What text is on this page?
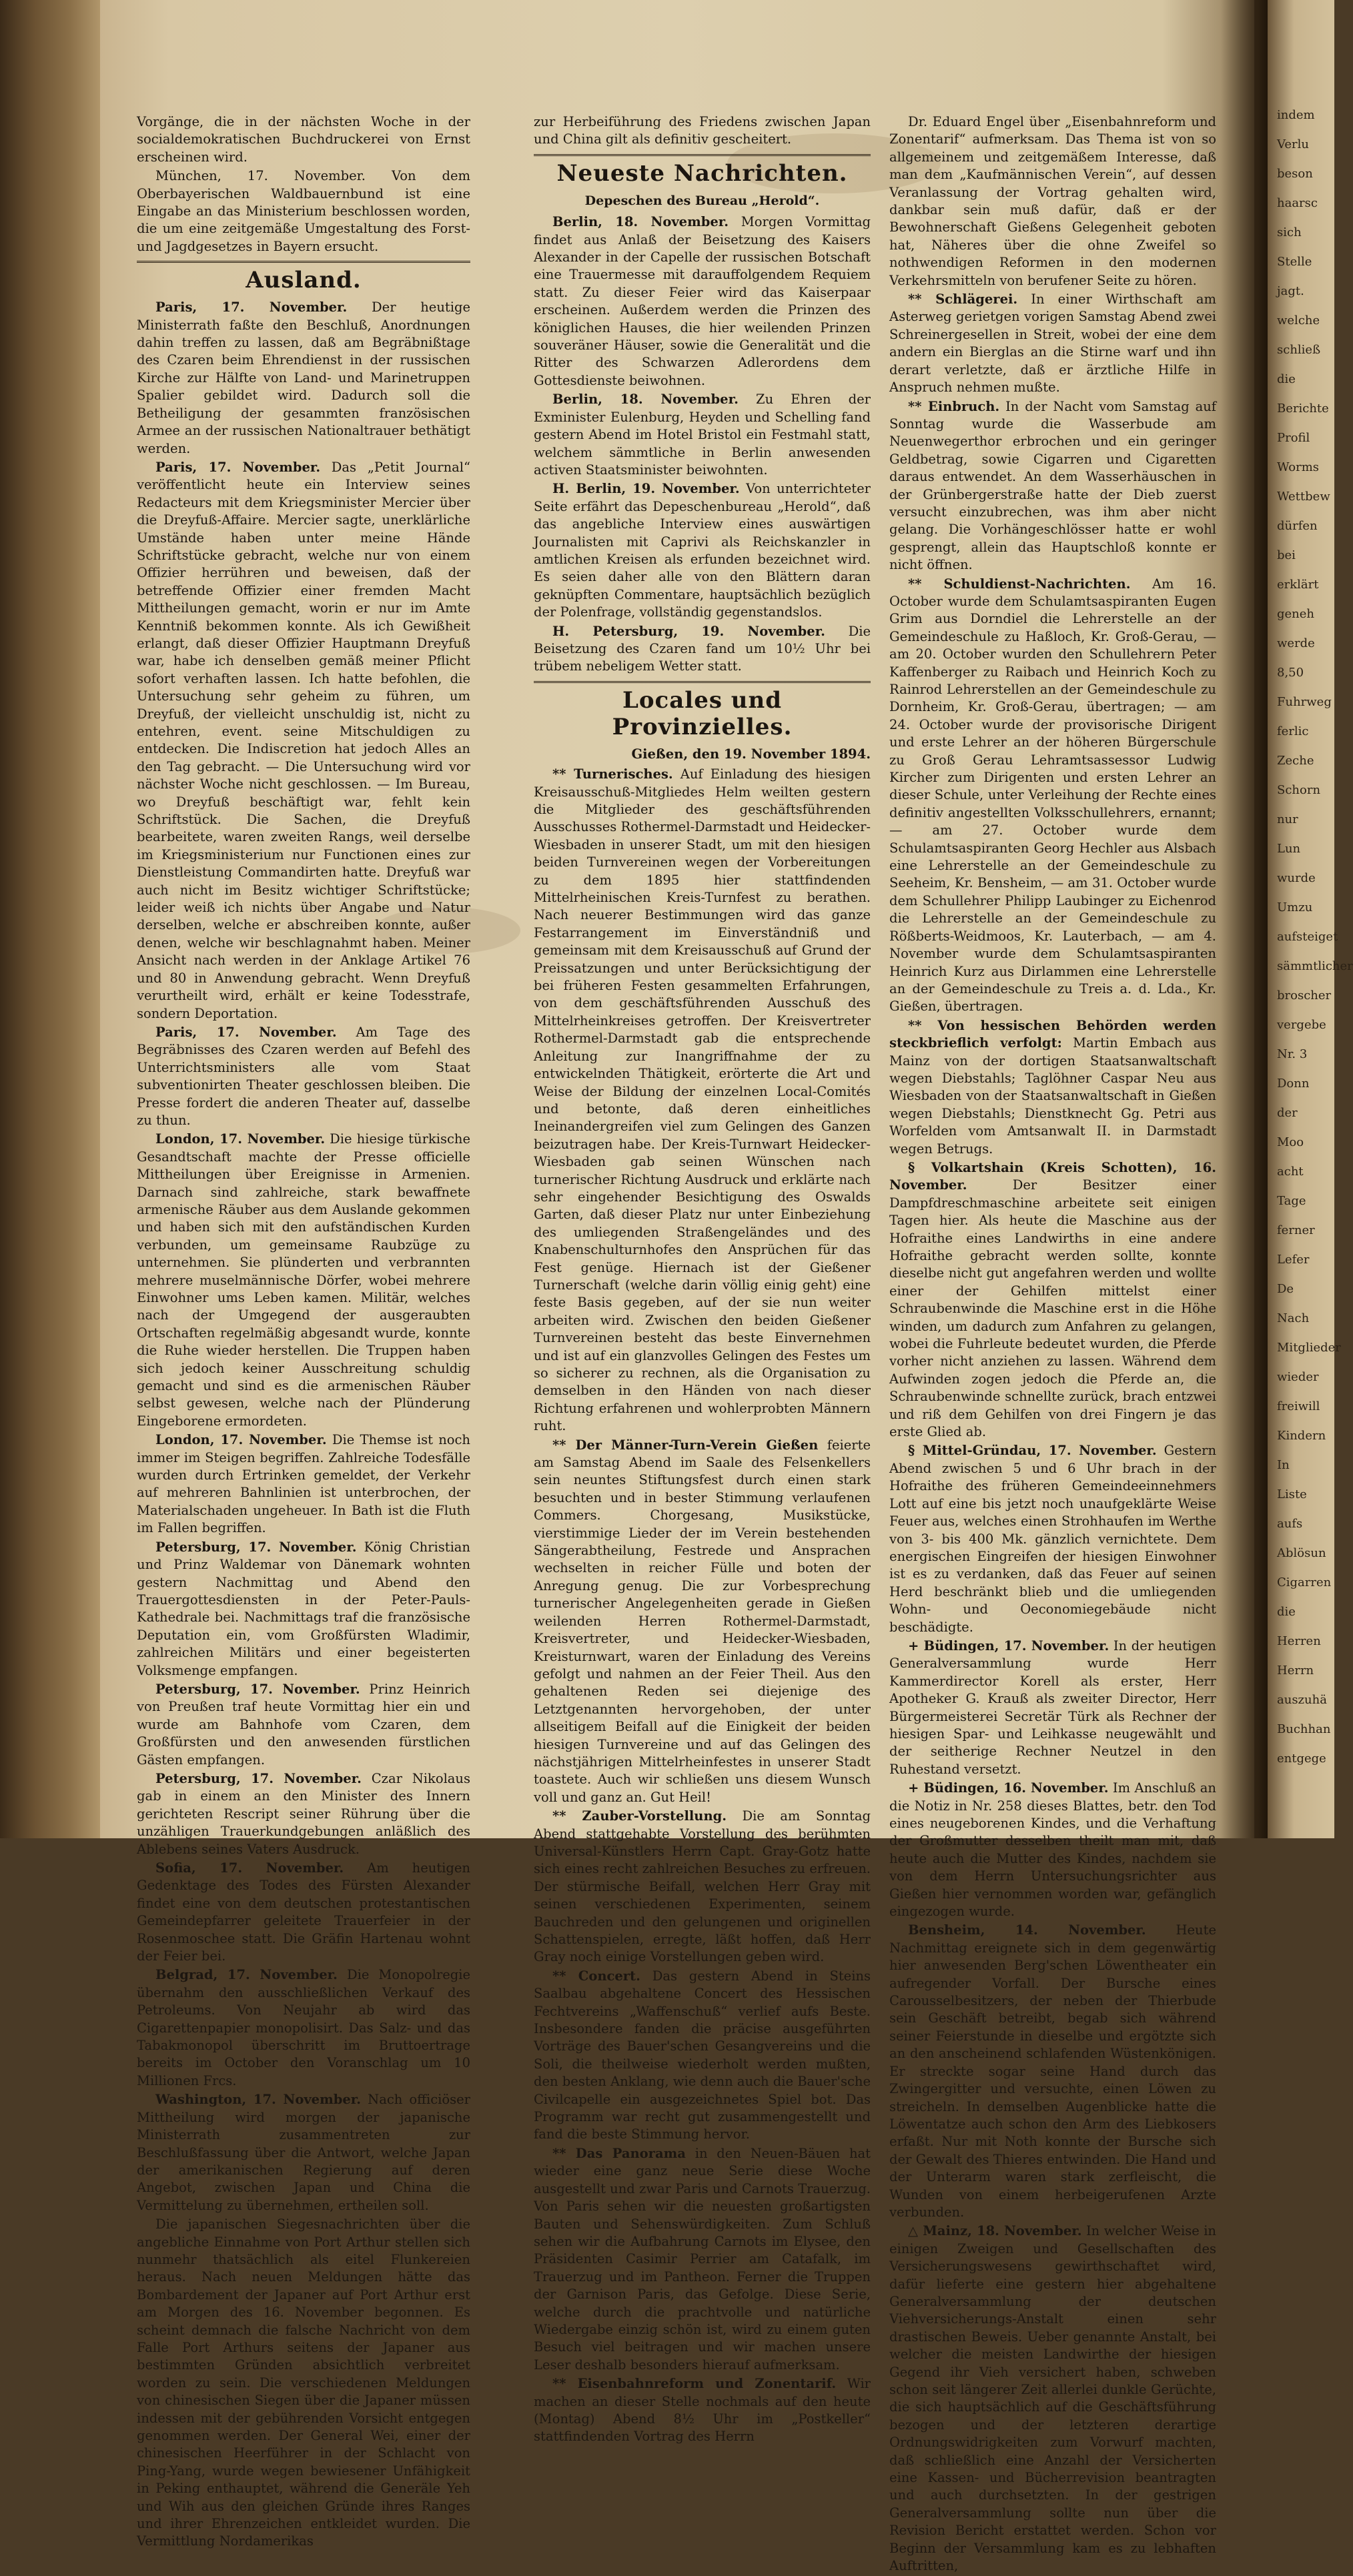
Vorgänge, die in der nächsten Woche in der socialdemokratischen Buchdruckerei von Ernst erscheinen wird.

München, 17. November. Von dem Oberbayerischen Waldbauernbund ist eine Eingabe an das Ministerium beschlossen worden, die um eine zeitgemäße Umgestaltung des Forst- und Jagdgesetzes in Bayern ersucht.

Ausland.

Paris, 17. November. Der heutige Ministerrath faßte den Beschluß, Anordnungen dahin treffen zu lassen, daß am Begräbnißtage des Czaren beim Ehrendienst in der russischen Kirche zur Hälfte von Land- und Marinetruppen Spalier gebildet wird. Dadurch soll die Betheiligung der gesammten französischen Armee an der russischen Nationaltrauer bethätigt werden.

Paris, 17. November. Das „Petit Journal“ veröffentlicht heute ein Interview seines Redacteurs mit dem Kriegsminister Mercier über die Dreyfuß-Affaire. Mercier sagte, unerklärliche Umstände haben unter meine Hände Schriftstücke gebracht, welche nur von einem Offizier herrühren und beweisen, daß der betreffende Offizier einer fremden Macht Mittheilungen gemacht, worin er nur im Amte Kenntniß bekommen konnte. Als ich Gewißheit erlangt, daß dieser Offizier Hauptmann Dreyfuß war, habe ich denselben gemäß meiner Pflicht sofort verhaften lassen. Ich hatte befohlen, die Untersuchung sehr geheim zu führen, um Dreyfuß, der vielleicht unschuldig ist, nicht zu entehren, event. seine Mitschuldigen zu entdecken. Die Indiscretion hat jedoch Alles an den Tag gebracht. — Die Untersuchung wird vor nächster Woche nicht geschlossen. — Im Bureau, wo Dreyfuß beschäftigt war, fehlt kein Schriftstück. Die Sachen, die Dreyfuß bearbeitete, waren zweiten Rangs, weil derselbe im Kriegsministerium nur Functionen eines zur Dienstleistung Commandirten hatte. Dreyfuß war auch nicht im Besitz wichtiger Schriftstücke; leider weiß ich nichts über Angabe und Natur derselben, welche er abschreiben konnte, außer denen, welche wir beschlagnahmt haben. Meiner Ansicht nach werden in der Anklage Artikel 76 und 80 in Anwendung gebracht. Wenn Dreyfuß verurtheilt wird, erhält er keine Todesstrafe, sondern Deportation.

Paris, 17. November. Am Tage des Begräbnisses des Czaren werden auf Befehl des Unterrichtsministers alle vom Staat subventionirten Theater geschlossen bleiben. Die Presse fordert die anderen Theater auf, dasselbe zu thun.

London, 17. November. Die hiesige türkische Gesandtschaft machte der Presse officielle Mittheilungen über Ereignisse in Armenien. Darnach sind zahlreiche, stark bewaffnete armenische Räuber aus dem Auslande gekommen und haben sich mit den aufständischen Kurden verbunden, um gemeinsame Raubzüge zu unternehmen. Sie plünderten und verbrannten mehrere muselmännische Dörfer, wobei mehrere Einwohner ums Leben kamen. Militär, welches nach der Umgegend der ausgeraubten Ortschaften regelmäßig abgesandt wurde, konnte die Ruhe wieder herstellen. Die Truppen haben sich jedoch keiner Ausschreitung schuldig gemacht und sind es die armenischen Räuber selbst gewesen, welche nach der Plünderung Eingeborene ermordeten.

London, 17. November. Die Themse ist noch immer im Steigen begriffen. Zahlreiche Todesfälle wurden durch Ertrinken gemeldet, der Verkehr auf mehreren Bahnlinien ist unterbrochen, der Materialschaden ungeheuer. In Bath ist die Fluth im Fallen begriffen.

Petersburg, 17. November. König Christian und Prinz Waldemar von Dänemark wohnten gestern Nachmittag und Abend den Trauergottesdiensten in der Peter-Pauls-Kathedrale bei. Nachmittags traf die französische Deputation ein, vom Großfürsten Wladimir, zahlreichen Militärs und einer begeisterten Volksmenge empfangen.

Petersburg, 17. November. Prinz Heinrich von Preußen traf heute Vormittag hier ein und wurde am Bahnhofe vom Czaren, dem Großfürsten und den anwesenden fürstlichen Gästen empfangen.

Petersburg, 17. November. Czar Nikolaus gab in einem an den Minister des Innern gerichteten Rescript seiner Rührung über die unzähligen Trauerkundgebungen anläßlich des Ablebens seines Vaters Ausdruck.

Sofia, 17. November. Am heutigen Gedenktage des Todes des Fürsten Alexander findet eine von dem deutschen protestantischen Gemeindepfarrer geleitete Trauerfeier in der Rosenmoschee statt. Die Gräfin Hartenau wohnt der Feier bei.

Belgrad, 17. November. Die Monopolregie übernahm den ausschließlichen Verkauf des Petroleums. Von Neujahr ab wird das Cigarettenpapier monopolisirt. Das Salz- und das Tabakmonopol überschritt im Bruttoertrage bereits im October den Voranschlag um 10 Millionen Frcs.

Washington, 17. November. Nach officiöser Mittheilung wird morgen der japanische Ministerrath zusammentreten zur Beschlußfassung über die Antwort, welche Japan der amerikanischen Regierung auf deren Angebot, zwischen Japan und China die Vermittelung zu übernehmen, ertheilen soll.

Die japanischen Siegesnachrichten über die angebliche Einnahme von Port Arthur stellen sich nunmehr thatsächlich als eitel Flunkereien heraus. Nach neuen Meldungen hätte das Bombardement der Japaner auf Port Arthur erst am Morgen des 16. November begonnen. Es scheint demnach die falsche Nachricht von dem Falle Port Arthurs seitens der Japaner aus bestimmten Gründen absichtlich verbreitet worden zu sein. Die verschiedenen Meldungen von chinesischen Siegen über die Japaner müssen indessen mit der gebührenden Vorsicht entgegen genommen werden. Der General Wei, einer der chinesischen Heerführer in der Schlacht von Ping-Yang, wurde wegen bewiesener Unfähigkeit in Peking enthauptet, während die Generäle Yeh und Wih aus den gleichen Gründe ihres Ranges und ihrer Ehrenzeichen entkleidet wurden. Die Vermittlung Nordamerikas

zur Herbeiführung des Friedens zwischen Japan und China gilt als definitiv gescheitert.

Neueste Nachrichten.
Depeschen des Bureau „Herold“.

Berlin, 18. November. Morgen Vormittag findet aus Anlaß der Beisetzung des Kaisers Alexander in der Capelle der russischen Botschaft eine Trauermesse mit darauffolgendem Requiem statt. Zu dieser Feier wird das Kaiserpaar erscheinen. Außerdem werden die Prinzen des königlichen Hauses, die hier weilenden Prinzen souveräner Häuser, sowie die Generalität und die Ritter des Schwarzen Adlerordens dem Gottesdienste beiwohnen.

Berlin, 18. November. Zu Ehren der Exminister Eulenburg, Heyden und Schelling fand gestern Abend im Hotel Bristol ein Festmahl statt, welchem sämmtliche in Berlin anwesenden activen Staatsminister beiwohnten.

H. Berlin, 19. November. Von unterrichteter Seite erfährt das Depeschenbureau „Herold“, daß das angebliche Interview eines auswärtigen Journalisten mit Caprivi als Reichskanzler in amtlichen Kreisen als erfunden bezeichnet wird. Es seien daher alle von den Blättern daran geknüpften Commentare, hauptsächlich bezüglich der Polenfrage, vollständig gegenstandslos.

H. Petersburg, 19. November. Die Beisetzung des Czaren fand um 10½ Uhr bei trübem nebeligem Wetter statt.

Locales und Provinzielles.
Gießen, den 19. November 1894.

** Turnerisches. Auf Einladung des hiesigen Kreisausschuß-Mitgliedes Helm weilten gestern die Mitglieder des geschäftsführenden Ausschusses Rothermel-Darmstadt und Heidecker-Wiesbaden in unserer Stadt, um mit den hiesigen beiden Turnvereinen wegen der Vorbereitungen zu dem 1895 hier stattfindenden Mittelrheinischen Kreis-Turnfest zu berathen. Nach neuerer Bestimmungen wird das ganze Festarrangement im Einverständniß und gemeinsam mit dem Kreisausschuß auf Grund der Preissatzungen und unter Berücksichtigung der bei früheren Festen gesammelten Erfahrungen, von dem geschäftsführenden Ausschuß des Mittelrheinkreises getroffen. Der Kreisvertreter Rothermel-Darmstadt gab die entsprechende Anleitung zur Inangriffnahme der zu entwickelnden Thätigkeit, erörterte die Art und Weise der Bildung der einzelnen Local-Comités und betonte, daß deren einheitliches Ineinandergreifen viel zum Gelingen des Ganzen beizutragen habe. Der Kreis-Turnwart Heidecker-Wiesbaden gab seinen Wünschen nach turnerischer Richtung Ausdruck und erklärte nach sehr eingehender Besichtigung des Oswalds Garten, daß dieser Platz nur unter Einbeziehung des umliegenden Straßengeländes und des Knabenschulturnhofes den Ansprüchen für das Fest genüge. Hiernach ist der Gießener Turnerschaft (welche darin völlig einig geht) eine feste Basis gegeben, auf der sie nun weiter arbeiten wird. Zwischen den beiden Gießener Turnvereinen besteht das beste Einvernehmen und ist auf ein glanzvolles Gelingen des Festes um so sicherer zu rechnen, als die Organisation zu demselben in den Händen von nach dieser Richtung erfahrenen und wohlerprobten Männern ruht.

** Der Männer-Turn-Verein Gießen feierte am Samstag Abend im Saale des Felsenkellers sein neuntes Stiftungsfest durch einen stark besuchten und in bester Stimmung verlaufenen Commers. Chorgesang, Musikstücke, vierstimmige Lieder der im Verein bestehenden Sängerabtheilung, Festrede und Ansprachen wechselten in reicher Fülle und boten der Anregung genug. Die zur Vorbesprechung turnerischer Angelegenheiten gerade in Gießen weilenden Herren Rothermel-Darmstadt, Kreisvertreter, und Heidecker-Wiesbaden, Kreisturnwart, waren der Einladung des Vereins gefolgt und nahmen an der Feier Theil. Aus den gehaltenen Reden sei diejenige des Letztgenannten hervorgehoben, der unter allseitigem Beifall auf die Einigkeit der beiden hiesigen Turnvereine und auf das Gelingen des nächstjährigen Mittelrheinfestes in unserer Stadt toastete. Auch wir schließen uns diesem Wunsch voll und ganz an. Gut Heil!

** Zauber-Vorstellung. Die am Sonntag Abend stattgehabte Vorstellung des berühmten Universal-Künstlers Herrn Capt. Gray-Gotz hatte sich eines recht zahlreichen Besuches zu erfreuen. Der stürmische Beifall, welchen Herr Gray mit seinen verschiedenen Experimenten, seinem Bauchreden und den gelungenen und originellen Schattenspielen, erregte, läßt hoffen, daß Herr Gray noch einige Vorstellungen geben wird.

** Concert. Das gestern Abend in Steins Saalbau abgehaltene Concert des Hessischen Fechtvereins „Waffenschuß“ verlief aufs Beste. Insbesondere fanden die präcise ausgeführten Vorträge des Bauer'schen Gesangvereins und die Soli, die theilweise wiederholt werden mußten, den besten Anklang, wie denn auch die Bauer'sche Civilcapelle ein ausgezeichnetes Spiel bot. Das Programm war recht gut zusammengestellt und fand die beste Stimmung hervor.

** Das Panorama in den Neuen-Bäuen hat wieder eine ganz neue Serie diese Woche ausgestellt und zwar Paris und Carnots Trauerzug. Von Paris sehen wir die neuesten großartigsten Bauten und Sehenswürdigkeiten. Zum Schluß sehen wir die Aufbahrung Carnots im Elysee, den Präsidenten Casimir Perrier am Catafalk, im Trauerzug und im Pantheon. Ferner die Truppen der Garnison Paris, das Gefolge. Diese Serie, welche durch die prachtvolle und natürliche Wiedergabe einzig schön ist, wird zu einem guten Besuch viel beitragen und wir machen unsere Leser deshalb besonders hierauf aufmerksam.

** Eisenbahnreform und Zonentarif. Wir machen an dieser Stelle nochmals auf den heute (Montag) Abend 8½ Uhr im „Postkeller“ stattfindenden Vortrag des Herrn

Dr. Eduard Engel über „Eisenbahnreform und Zonentarif“ aufmerksam. Das Thema ist von so allgemeinem und zeitgemäßem Interesse, daß man dem „Kaufmännischen Verein“, auf dessen Veranlassung der Vortrag gehalten wird, dankbar sein muß dafür, daß er der Bewohnerschaft Gießens Gelegenheit geboten hat, Näheres über die ohne Zweifel so nothwendigen Reformen in den modernen Verkehrsmitteln von berufener Seite zu hören.

** Schlägerei. In einer Wirthschaft am Asterweg gerietgen vorigen Samstag Abend zwei Schreinergesellen in Streit, wobei der eine dem andern ein Bierglas an die Stirne warf und ihn derart verletzte, daß er ärztliche Hilfe in Anspruch nehmen mußte.

** Einbruch. In der Nacht vom Samstag auf Sonntag wurde die Wasserbude am Neuenwegerthor erbrochen und ein geringer Geldbetrag, sowie Cigarren und Cigaretten daraus entwendet. An dem Wasserhäuschen in der Grünbergerstraße hatte der Dieb zuerst versucht einzubrechen, was ihm aber nicht gelang. Die Vorhängeschlösser hatte er wohl gesprengt, allein das Hauptschloß konnte er nicht öffnen.

** Schuldienst-Nachrichten. Am 16. October wurde dem Schulamtsaspiranten Eugen Grim aus Dorndiel die Lehrerstelle an der Gemeindeschule zu Haßloch, Kr. Groß-Gerau, — am 20. October wurden den Schullehrern Peter Kaffenberger zu Raibach und Heinrich Koch zu Rainrod Lehrerstellen an der Gemeindeschule zu Dornheim, Kr. Groß-Gerau, übertragen; — am 24. October wurde der provisorische Dirigent und erste Lehrer an der höheren Bürgerschule zu Groß Gerau Lehramtsassessor Ludwig Kircher zum Dirigenten und ersten Lehrer an dieser Schule, unter Verleihung der Rechte eines definitiv angestellten Volksschullehrers, ernannt; — am 27. October wurde dem Schulamtsaspiranten Georg Hechler aus Alsbach eine Lehrerstelle an der Gemeindeschule zu Seeheim, Kr. Bensheim, — am 31. October wurde dem Schullehrer Philipp Laubinger zu Eichenrod die Lehrerstelle an der Gemeindeschule zu Rößberts-Weidmoos, Kr. Lauterbach, — am 4. November wurde dem Schulamtsaspiranten Heinrich Kurz aus Dirlammen eine Lehrerstelle an der Gemeindeschule zu Treis a. d. Lda., Kr. Gießen, übertragen.

** Von hessischen Behörden werden steckbrieflich verfolgt: Martin Embach aus Mainz von der dortigen Staatsanwaltschaft wegen Diebstahls; Taglöhner Caspar Neu aus Wiesbaden von der Staatsanwaltschaft in Gießen wegen Diebstahls; Dienstknecht Gg. Petri aus Worfelden vom Amtsanwalt II. in Darmstadt wegen Betrugs.

§ Volkartshain (Kreis Schotten), 16. November.	Der Besitzer einer Dampfdreschmaschine arbeitete seit einigen Tagen hier. Als heute die Maschine aus der Hofraithe eines Landwirths in eine andere Hofraithe gebracht werden sollte, konnte dieselbe nicht gut angefahren werden und wollte einer der Gehilfen mittelst einer Schraubenwinde die Maschine erst in die Höhe winden, um dadurch zum Anfahren zu gelangen, wobei die Fuhrleute bedeutet wurden, die Pferde vorher nicht anziehen zu lassen. Während dem Aufwinden zogen jedoch die Pferde an, die Schraubenwinde schnellte zurück, brach entzwei und riß dem Gehilfen von drei Fingern je das erste Glied ab.

§ Mittel-Gründau, 17. November. Gestern Abend zwischen 5 und 6 Uhr brach in der Hofraithe des früheren Gemeindeeinnehmers Lott auf eine bis jetzt noch unaufgeklärte Weise Feuer aus, welches einen Strohhaufen im Werthe von 3- bis 400 Mk. gänzlich vernichtete. Dem energischen Eingreifen der hiesigen Einwohner ist es zu verdanken, daß das Feuer auf seinen Herd beschränkt blieb und die umliegenden Wohn- und Oeconomiegebäude nicht beschädigte.

+ Büdingen, 17. November. In der heutigen Generalversammlung wurde Herr Kammerdirector Korell als erster, Herr Apotheker G. Krauß als zweiter Director, Herr Bürgermeisterei Secretär Türk als Rechner der hiesigen Spar- und Leihkasse neugewählt und der seitherige Rechner Neutzel in den Ruhestand versetzt.

+ Büdingen, 16. November. Im Anschluß an die Notiz in Nr. 258 dieses Blattes, betr. den Tod eines neugeborenen Kindes, und die Verhaftung der Großmutter desselben theilt man mit, daß heute auch die Mutter des Kindes, nachdem sie von dem Herrn Untersuchungsrichter aus Gießen hier vernommen worden war, gefänglich eingezogen wurde.

Bensheim, 14. November. Heute Nachmittag ereignete sich in dem gegenwärtig hier anwesenden Berg'schen Löwentheater ein aufregender Vorfall. Der Bursche eines Carousselbesitzers, der neben der Thierbude sein Geschäft betreibt, begab sich während seiner Feierstunde in dieselbe und ergötzte sich an den anscheinend schlafenden Wüstenkönigen. Er streckte sogar seine Hand durch das Zwingergitter und versuchte, einen Löwen zu streicheln. In demselben Augenblicke hatte die Löwentatze auch schon den Arm des Liebkosers erfaßt. Nur mit Noth konnte der Bursche sich der Gewalt des Thieres entwinden. Die Hand und der Unterarm waren stark zerfleischt, die Wunden von einem herbeigerufenen Arzte verbunden.

△ Mainz, 18. November. In welcher Weise in einigen Zweigen und Gesellschaften des Versicherungswesens gewirthschaftet wird, dafür lieferte eine gestern hier abgehaltene Generalversammlung der deutschen Viehversicherungs-Anstalt einen sehr drastischen Beweis. Ueber genannte Anstalt, bei welcher die meisten Landwirthe der hiesigen Gegend ihr Vieh versichert haben, schweben schon seit längerer Zeit allerlei dunkle Gerüchte, die sich hauptsächlich auf die Geschäftsführung bezogen und der letzteren derartige Ordnungswidrigkeiten zum Vorwurf machten, daß schließlich eine Anzahl der Versicherten eine Kassen- und Bücherrevision beantragten und auch durchsetzten. In der gestrigen Generalversammlung sollte nun über die Revision Bericht erstattet werden. Schon vor Beginn der Versammlung kam es zu lebhaften Auftritten,

indem
Verlu
beson
haarsc
sich
Stelle
jagt.
welche
schließ
die
Berichte
Profil
Worms
Wettbew
dürfen
bei
erklärt
geneh
werde
8,50
Fuhrweg
ferlic
Zeche
Schorn
nur
Lun
wurde
Umzu
aufsteiget
sämmtlicher
broscher
vergebe
Nr. 3
Donn
der
Moo
acht
Tage
ferner
Lefer
De
Nach
Mitglieder
wieder
freiwill
Kindern
In
Liste
aufs
Ablösun
Cigarren
die
Herren
Herrn
auszuhä
Buchhan
entgege
